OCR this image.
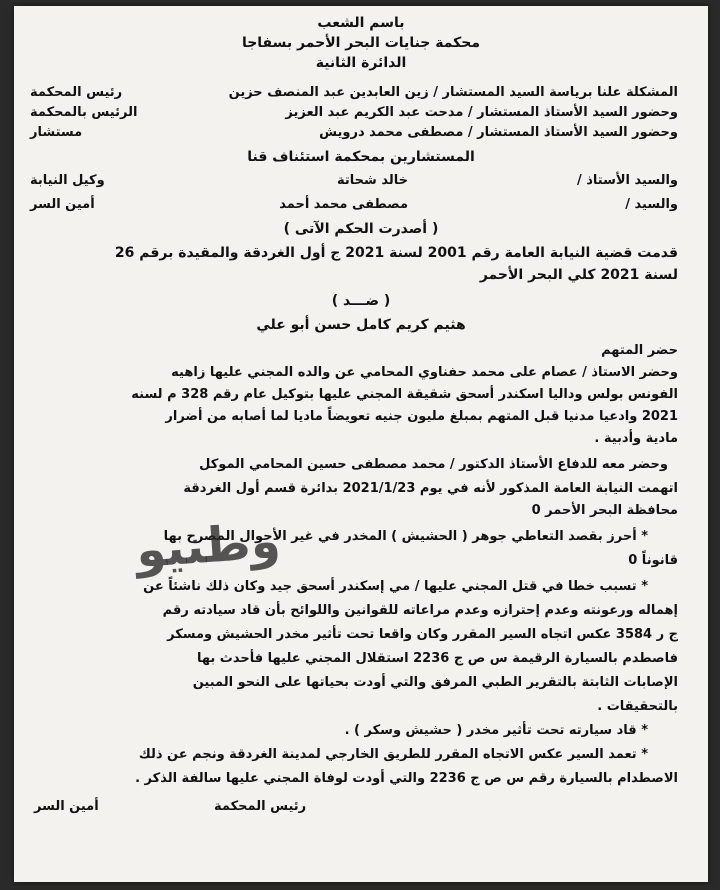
باسم الشعب
محكمة جنايات البحر الأحمر بسفاجا
الدائرة الثانية
المشكلة علنا برياسة السيد المستشار / زين العابدين عبد المنصف حزين
رئيس المحكمة
وحضور السيد الأستاذ المستشار / مدحت عبد الكريم عبد العزيز
الرئيس بالمحكمة
وحضور السيد الأستاذ المستشار / مصطفى محمد درويش
مستشار
المستشارين بمحكمة استئناف قنا
والسيد الأستاذ /
خالد شحاتة
وكيل النيابة
والسيد /
مصطفى محمد أحمد
أمين السر
( أصدرت الحكم الآتى )
قدمت قضية النيابة العامة رقم 2001 لسنة 2021 ج أول الغردقة والمقيدة برقم 26
لسنة 2021 كلي البحر الأحمر
( ضـــد )
هثيم كريم كامل حسن أبو علي
حضر المتهم
وحضر الاستاذ / عصام على محمد حفناوي المحامي عن والده المجني عليها زاهيه
الفونس بولس ودالیا اسکندر أسحق شقيقة المجني عليها بتوكيل عام رقم 328 م لسنه
2021 وادعيا مدنيا قبل المتهم بمبلغ مليون جنيه تعويضاً ماديا لما أصابه من أضرار
مادية وأدبية .
وحضر معه للدفاع الأستاذ الدكتور / محمد مصطفى حسين المحامي الموكل
اتهمت النيابة العامة المذكور لأنه في يوم 2021/1/23 بدائرة قسم أول الغردقة
محافظة البحر الأحمر 0
* أحرز بقصد التعاطي جوهر ( الحشيش ) المخدر في غير الأحوال المصرح بها
قانوناً 0
* تسبب خطا في قتل المجني عليها / مي إسكندر أسحق جيد وكان ذلك ناشئاً عن
إهماله ورعونته وعدم إحترازه وعدم مراعاته للقوانين واللوائح بأن قاد سيادته رقم
ج ر 3584 عكس اتجاه السير المقرر وكان واقعا تحت تأثير مخدر الحشيش ومسكر
فاصطدم بالسيارة الرقيمة س ص ج 2236 استقلال المجني عليها فأحدث بها
الإصابات الثابتة بالتقرير الطبي المرفق والتي أودت بحياتها على النحو المبين
بالتحقيقات .
* قاد سيارته تحت تأثير مخدر ( حشيش وسكر ) .
* تعمد السير عكس الاتجاه المقرر للطريق الخارجي لمدينة الغردقة ونجم عن ذلك
الاصطدام بالسيارة رقم س ص ج 2236 والتي أودت لوفاة المجني عليها سالفة الذكر .
رئيس المحكمة
أمين السر
وطنيو
